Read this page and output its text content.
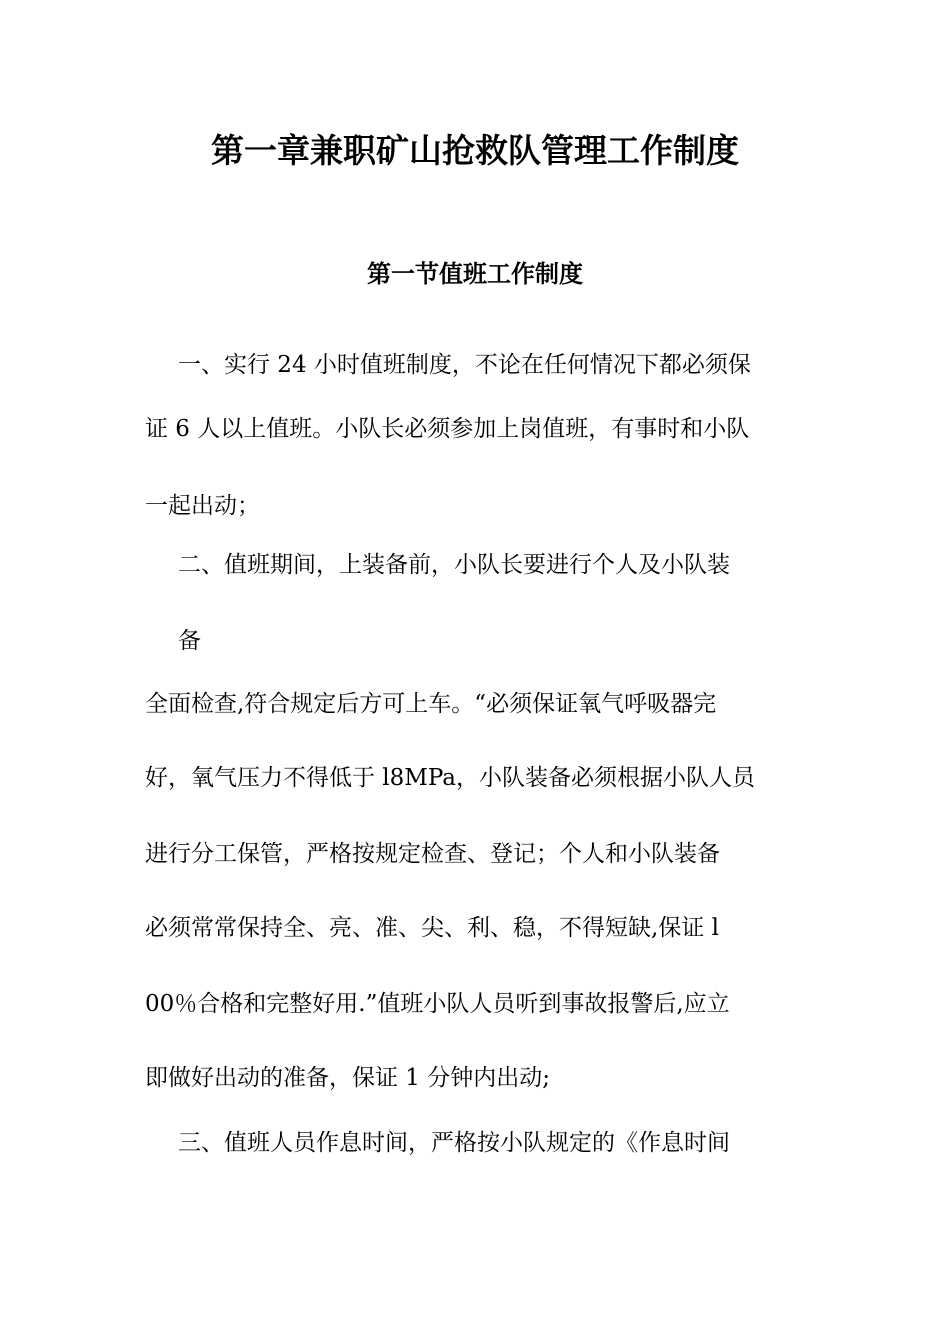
第一章兼职矿山抢救队管理工作制度
第一节值班工作制度
一、实行 24 小时值班制度，不论在任何情况下都必须保
证 6 人以上值班。小队长必须参加上岗值班，有事时和小队
一起出动；
二、值班期间，上装备前，小队长要进行个人及小队装
备
全面检查,符合规定后方可上车。“必须保证氧气呼吸器完
好，氧气压力不得低于 l8MPa，小队装备必须根据小队人员
进行分工保管，严格按规定检查、登记；个人和小队装备
必须常常保持全、亮、准、尖、利、稳，不得短缺,保证 l
00％合格和完整好用.”值班小队人员听到事故报警后,应立
即做好出动的准备，保证 1 分钟内出动;
三、值班人员作息时间，严格按小队规定的《作息时间
